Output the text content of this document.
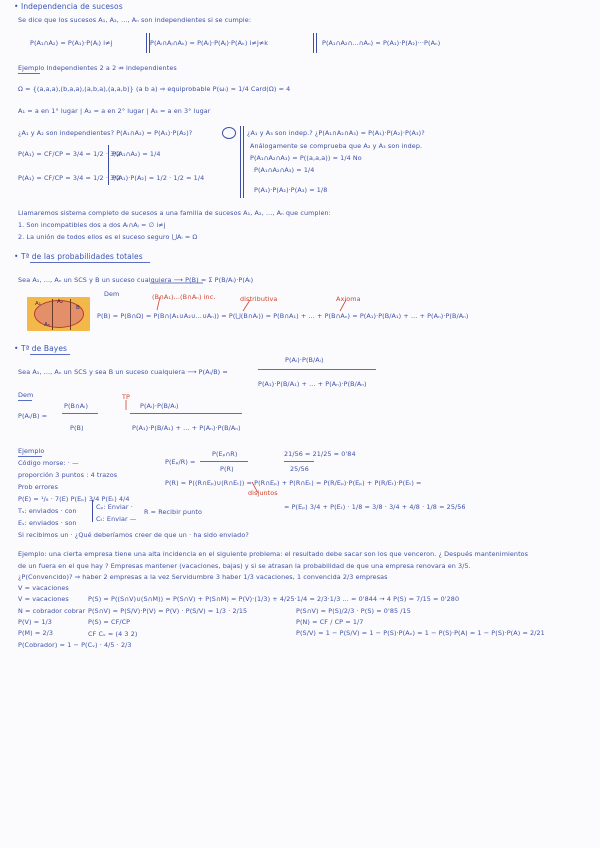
A₁	A₂
Aₙ
B
• Independencia de sucesos
Se dice que los sucesos A₁, A₂, ..., Aₙ son independientes si se cumple:
P(A₁∩A₂) = P(A₁)·P(Aⱼ) i≠j	P(Aᵢ∩Aⱼ∩Aₖ) = P(Aᵢ)·P(Aⱼ)·P(Aₖ) i≠j≠k	P(A₁∩A₂∩...∩Aₙ) = P(A₁)·P(A₂)···P(Aₙ)
Ejemplo Independientes 2 a 2 ⇏ independientes
Ω = {(a,a,a),(b,a,a),(a,b,a),(a,a,b)} (a b a) ⇒ equiprobable P(ωᵢ) = 1/4 Card(Ω) = 4
A₁ = a en 1° lugar | A₂ = a en 2° lugar | A₃ = a en 3° lugar
¿A₁ y A₂ son independientes? P(A₁∩A₂) = P(A₁)·P(A₂)?
P(A₁) = CF/CP = 3/4 = 1/2 · 3/2
P(A₁∩A₂) = 1/4
P(A₁) = CF/CP = 3/4 = 1/2 · 3/2
P(A₁)·P(A₂) = 1/2 · 1/2 = 1/4
¿A₁ y A₃ son indep.? ¿P(A₁∩A₂∩A₃) = P(A₁)·P(A₂)·P(A₃)?
Análogamente se comprueba que A₂ y A₃ son indep.
P(A₁∩A₂∩A₃) = P((a,a,a)) = 1/4 No
P(A₁∩A₂∩A₃) = 1/4
P(A₁)·P(A₂)·P(A₃) = 1/8
Llamaremos sistema completo de sucesos a una familia de sucesos A₁, A₂, ..., Aₙ que cumplen:
1. Son incompatibles dos a dos Aᵢ∩Aⱼ = ∅ i≠j
2. La unión de todos ellos es el suceso seguro ⋃Aᵢ = Ω
• Tª de las probabilidades totales
Sea A₁, ..., Aₙ un SCS y B un suceso cualquiera ⟶ P(B) = Σ P(B/Aᵢ)·P(Aᵢ)
P(B) = P(B∩Ω) = P(B∩(A₁∪A₂∪...∪Aₙ)) = P(⋃(B∩Aᵢ)) = P(B∩A₁) + ... + P(B∩Aₙ) = P(A₁)·P(B/A₁) + ... + P(Aₙ)·P(B/Aₙ)
Dem	(B∩A₁)...(B∩Aₙ) inc.	distributiva	Axioma
• Tª de Bayes
Sea A₁, ..., Aₙ un SCS y sea B un suceso cualquiera ⟶ P(Aᵢ/B) =
P(Aᵢ)·P(B/Aᵢ)
P(A₁)·P(B/A₁) + ... + P(Aₙ)·P(B/Aₙ)
Dem
P(Aᵢ/B) =
P(B∩Aᵢ)
P(B)
TP
P(Aᵢ)·P(B/Aᵢ)
P(A₁)·P(B/A₁) + ... + P(Aₙ)·P(B/Aₙ)
Ejemplo
Código morse: · —
proporción 3 puntos : 4 trazos
Prob errores
P(E) = ¹/₈ · 7(E) P(Eₚ) 3/4 P(Eₜ) 4/4
Tₛ: enviados · con
Eₛ: enviados · son
Cₚ: Enviar ·
Cₜ: Enviar —
R = Recibir punto
Si recibimos un · ¿Qué deberíamos creer de que un · ha sido enviado?
P(Eₚ/R) =
P(Eₚ∩R)
P(R)
21/56 = 21/25 ≈ 0'84
25/56
P(R) = P((R∩Eₚ)∪(R∩Eₜ)) = P(R∩Eₚ) + P(R∩Eₜ) = P(R/Eₚ)·P(Eₚ) + P(R/Eₜ)·P(Eₜ) =
= P(Eₚ) 3/4 + P(Eₜ) · 1/8 = 3/8 · 3/4 + 4/8 · 1/8 = 25/56
disjuntos
Ejemplo: una cierta empresa tiene una alta incidencia en el siguiente problema: el resultado debe sacar son los que venceron. ¿ Después mantenimientos
de un fuera en el que hay ? Empresas mantener (vacaciones, bajas) y si se atrasan la probabilidad de que una empresa renovara en 3/5.
¿P(Convencido)? ⇒ haber 2 empresas a la vez Servidumbre 3 haber 1/3 vacaciones, 1 convencida 2/3 empresas
V = vacaciones
V = vacaciones
N = cobrador cobrar
P(V) = 1/3
P(M) = 2/3
P(Cobrador) = 1 − P(Cᵥ) · 4/5 · 2/3
P(S) = P((S∩V)∪(S∩M)) = P(S∩V) + P(S∩M) = P(V)·(1/3) + 4/25·1/4 = 2/3·1/3 ... = 0'844 → 4 P(S) = 7/15 = 0'280
P(S∩V) = P(S/V)·P(V) = P(V) · P(S/V) = 1/3 · 2/15
P(S) = CF/CP
CF Cᵥ = (4 3 2)
P(S∩V) = P(S)/2/3 · P(S) = 0'85 /15
P(N) = CF / CP = 1/7
P(S/V) = 1 − P(S/V) = 1 − P(S)·P(Aᵥ) = 1 − P(S)·P(A) = 1 − P(S)·P(A) = 2/21
